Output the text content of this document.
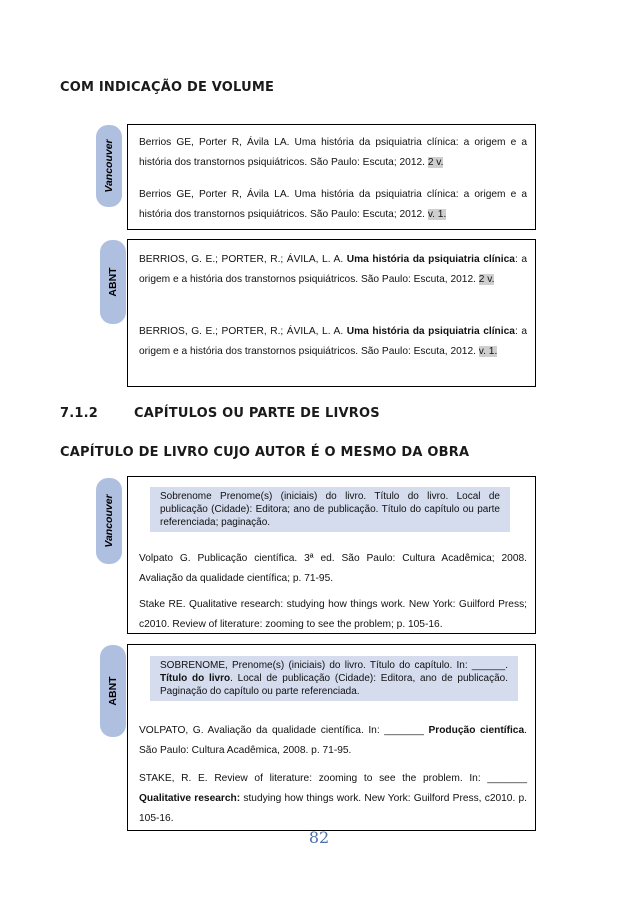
COM INDICAÇÃO DE VOLUME
Vancouver Berrios GE, Porter R, Ávila LA. Uma história da psiquiatria clínica: a origem e a história dos transtornos psiquiátricos. São Paulo: Escuta; 2012. 2 v.
Berrios GE, Porter R, Ávila LA. Uma história da psiquiatria clínica: a origem e a história dos transtornos psiquiátricos. São Paulo: Escuta; 2012. v. 1.
ABNT
BERRIOS, G. E.; PORTER, R.; ÁVILA, L. A. Uma história da psiquiatria clínica: a origem e a história dos transtornos psiquiátricos. São Paulo: Escuta, 2012. 2 v.
BERRIOS, G. E.; PORTER, R.; ÁVILA, L. A. Uma história da psiquiatria clínica: a origem e a história dos transtornos psiquiátricos. São Paulo: Escuta, 2012. v. 1.
7.1.2	CAPÍTULOS OU PARTE DE LIVROS
CAPÍTULO DE LIVRO CUJO AUTOR É O MESMO DA OBRA
Vancouver	Sobrenome Prenome(s) (iniciais) do livro. Título do livro. Local de publicação (Cidade): Editora; ano de publicação. Título do capítulo ou parte referenciada; paginação.
Volpato G. Publicação científica. 3ª ed. São Paulo: Cultura Acadêmica; 2008. Avaliação da qualidade científica; p. 71-95.
Stake RE. Qualitative research: studying how things work. New York: Guilford Press; c2010. Review of literature: zooming to see the problem; p. 105-16.
ABNT
SOBRENOME, Prenome(s) (iniciais) do livro. Título do capítulo. In: ______. Título do livro. Local de publicação (Cidade): Editora, ano de publicação. Paginação do capítulo ou parte referenciada.
VOLPATO, G. Avaliação da qualidade científica. In: _______ Produção científica. São Paulo: Cultura Acadêmica, 2008. p. 71-95.
STAKE, R. E. Review of literature: zooming to see the problem. In: _______ Qualitative research: studying how things work. New York: Guilford Press, c2010. p. 105-16.
82
